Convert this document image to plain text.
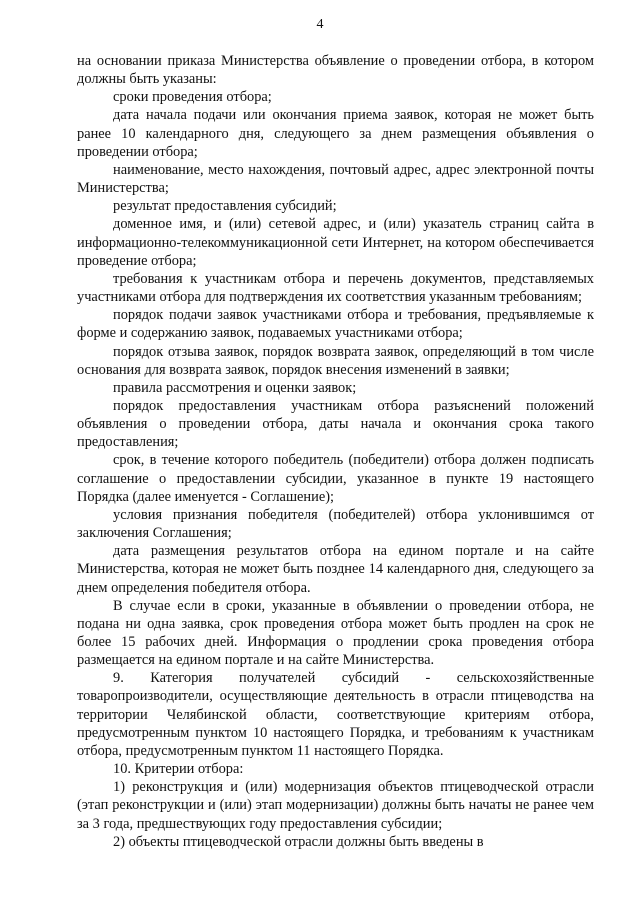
4

на основании приказа Министерства объявление о проведении отбора, в котором должны быть указаны:

сроки проведения отбора;

дата начала подачи или окончания приема заявок, которая не может быть ранее 10 календарного дня, следующего за днем размещения объявления о проведении отбора;

наименование, место нахождения, почтовый адрес, адрес электронной почты Министерства;

результат предоставления субсидий;

доменное имя, и (или) сетевой адрес, и (или) указатель страниц сайта в информационно-телекоммуникационной сети Интернет, на котором обеспечивается проведение отбора;

требования к участникам отбора и перечень документов, представляемых участниками отбора для подтверждения их соответствия указанным требованиям;

порядок подачи заявок участниками отбора и требования, предъявляемые к форме и содержанию заявок, подаваемых участниками отбора;

порядок отзыва заявок, порядок возврата заявок, определяющий в том числе основания для возврата заявок, порядок внесения изменений в заявки;

правила рассмотрения и оценки заявок;

порядок предоставления участникам отбора разъяснений положений объявления о проведении отбора, даты начала и окончания срока такого предоставления;

срок, в течение которого победитель (победители) отбора должен подписать соглашение о предоставлении субсидии, указанное в пункте 19 настоящего Порядка (далее именуется - Соглашение);

условия признания победителя (победителей) отбора уклонившимся от заключения Соглашения;

дата размещения результатов отбора на едином портале и на сайте Министерства, которая не может быть позднее 14 календарного дня, следующего за днем определения победителя отбора.

В случае если в сроки, указанные в объявлении о проведении отбора, не подана ни одна заявка, срок проведения отбора может быть продлен на срок не более 15 рабочих дней. Информация о продлении срока проведения отбора размещается на едином портале и на сайте Министерства.

9. Категория получателей субсидий - сельскохозяйственные товаропроизводители, осуществляющие деятельность в отрасли птицеводства на территории Челябинской области, соответствующие критериям отбора, предусмотренным пунктом 10 настоящего Порядка, и требованиям к участникам отбора, предусмотренным пунктом 11 настоящего Порядка.

10. Критерии отбора:

1) реконструкция и (или) модернизация объектов птицеводческой отрасли (этап реконструкции и (или) этап модернизации) должны быть начаты не ранее чем за 3 года, предшествующих году предоставления субсидии;

2) объекты птицеводческой отрасли должны быть введены в
